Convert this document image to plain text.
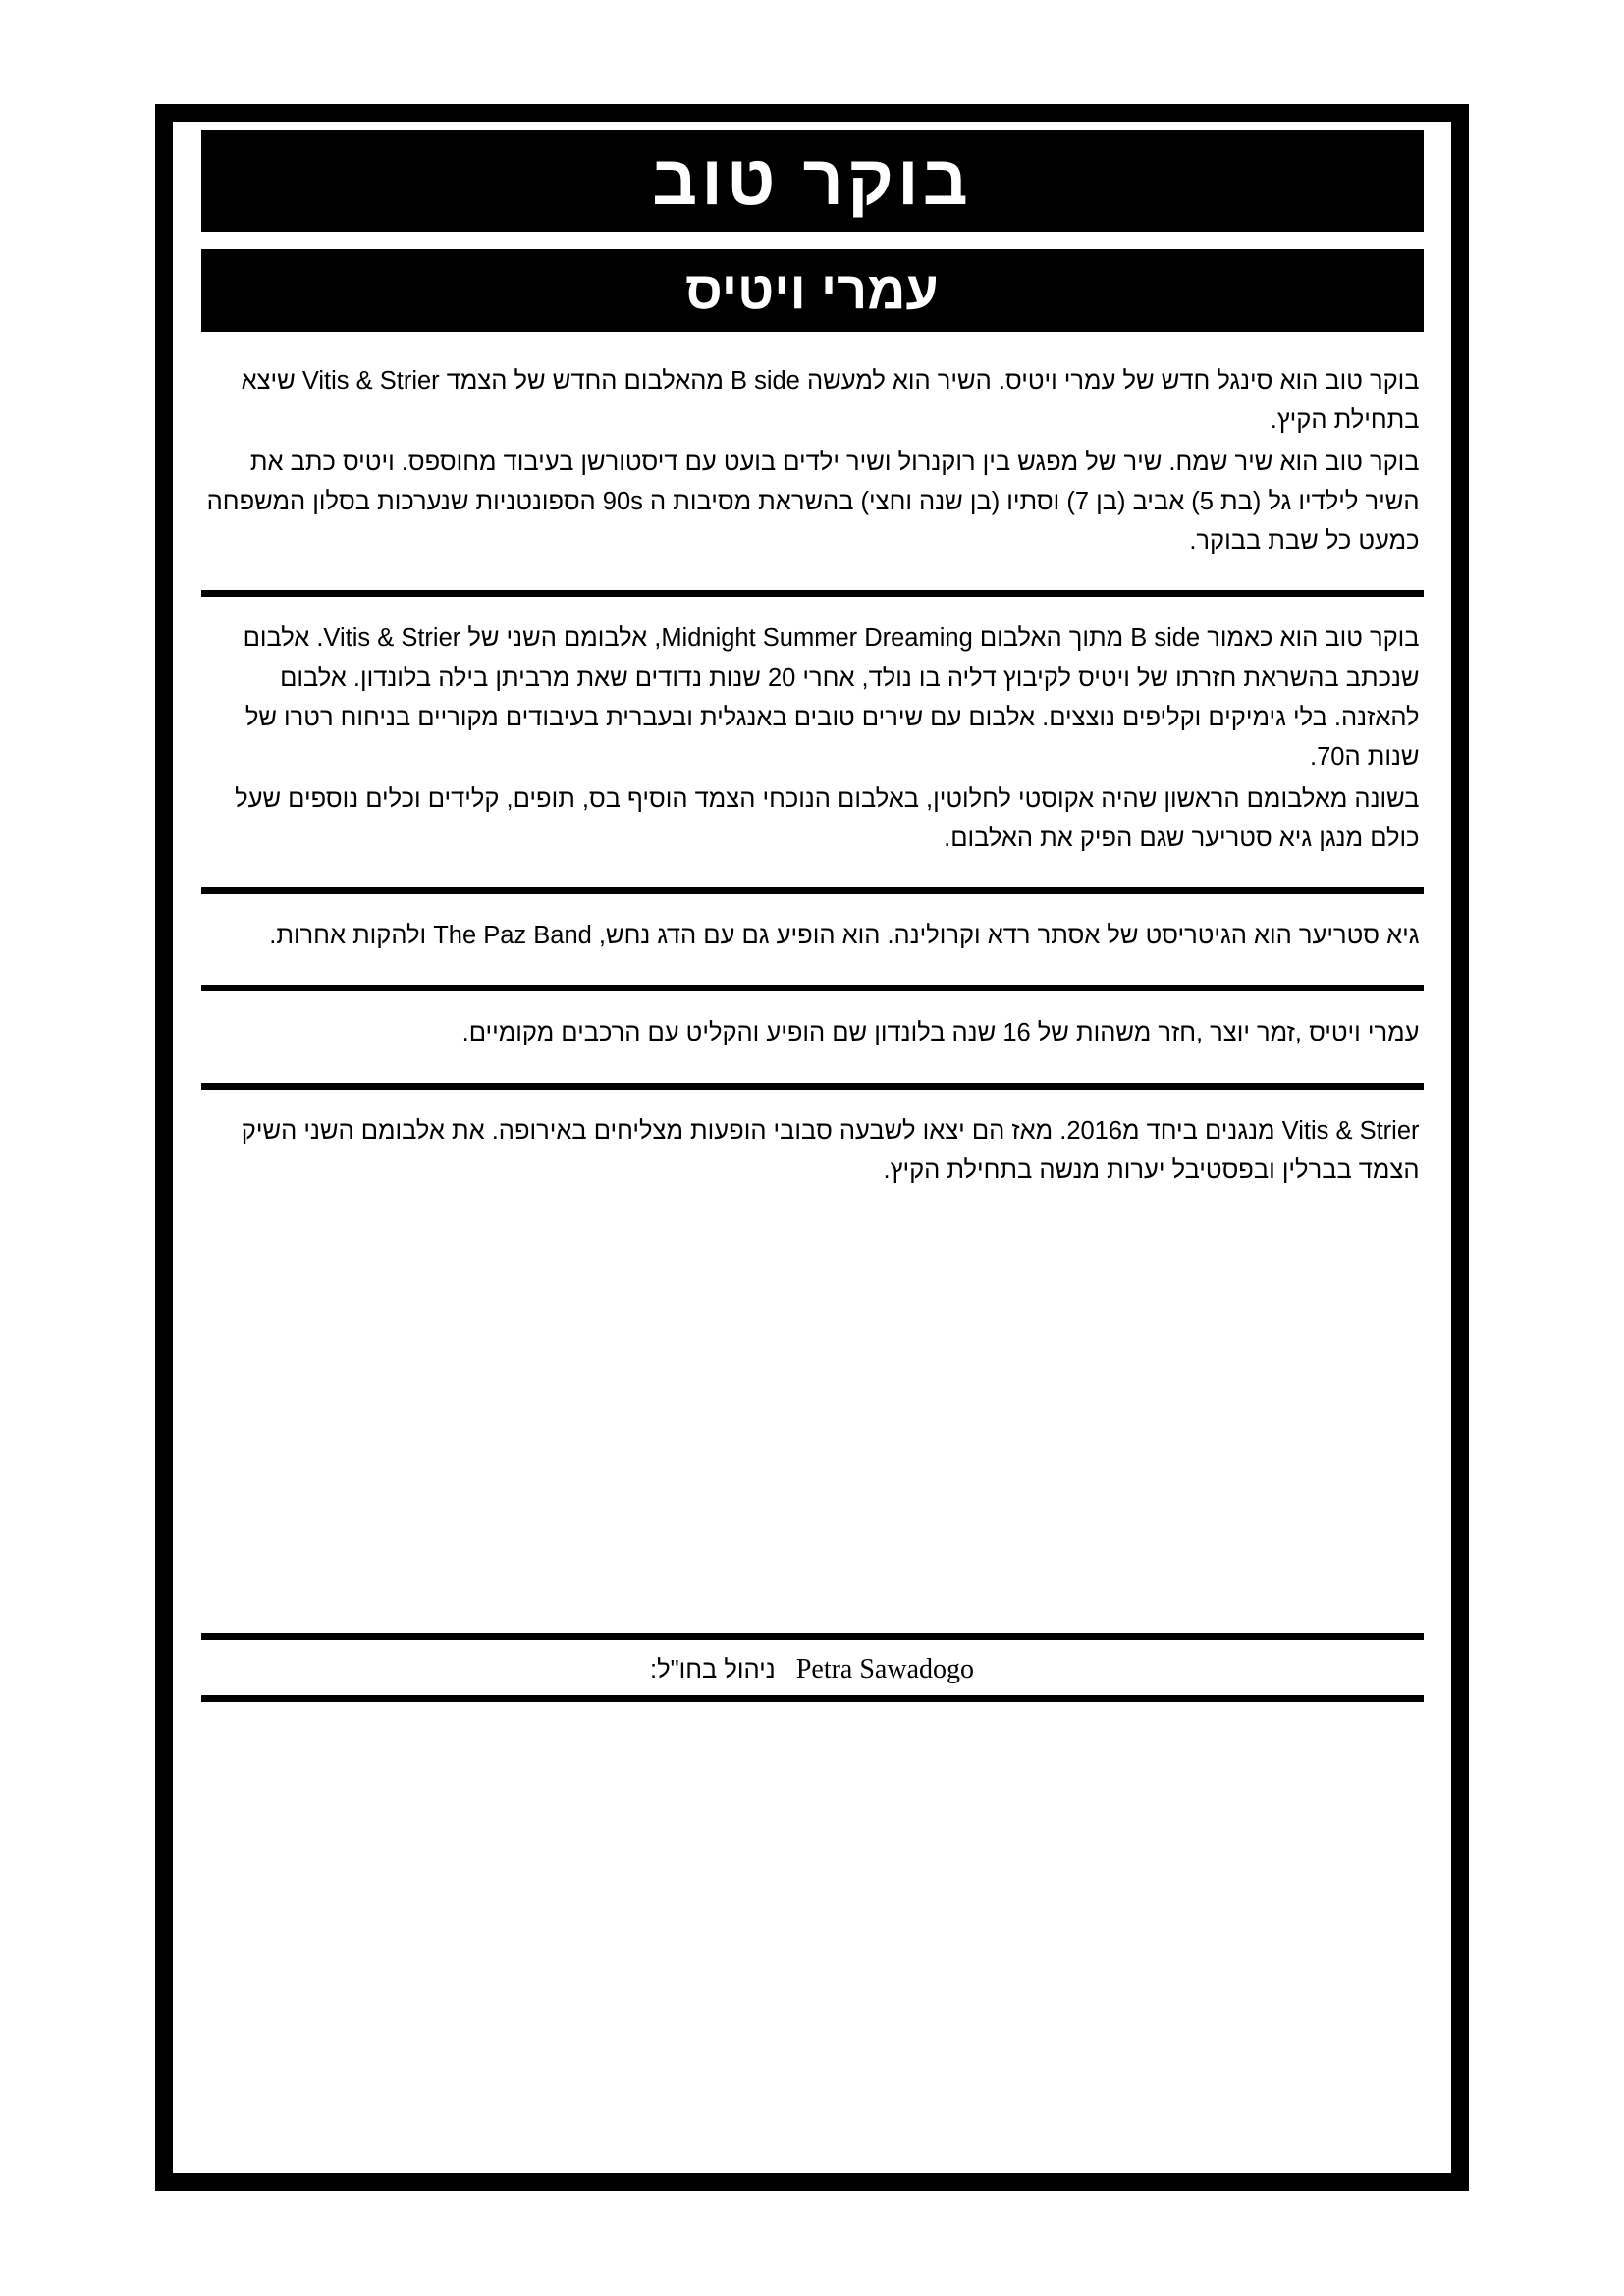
בוקר טוב
עמרי ויטיס

בוקר טוב הוא סינגל חדש של עמרי ויטיס. השיר הוא למעשה B side מהאלבום החדש של הצמד Vitis & Strier שיצא בתחילת הקיץ.

בוקר טוב הוא שיר שמח. שיר של מפגש בין רוקנרול ושיר ילדים בועט עם דיסטורשן בעיבוד מחוספס. ויטיס כתב את השיר לילדיו גל (בת 5) אביב (בן 7) וסתיו (בן שנה וחצי) בהשראת מסיבות ה 90s הספונטניות שנערכות בסלון המשפחה כמעט כל שבת בבוקר.

בוקר טוב הוא כאמור B side מתוך האלבום Midnight Summer Dreaming, אלבומם השני של Vitis & Strier. אלבום שנכתב בהשראת חזרתו של ויטיס לקיבוץ דליה בו נולד, אחרי 20 שנות נדודים שאת מרביתן בילה בלונדון. אלבום להאזנה. בלי גימיקים וקליפים נוצצים. אלבום עם שירים טובים באנגלית ובעברית בעיבודים מקוריים בניחוח רטרו של שנות ה70.

בשונה מאלבומם הראשון שהיה אקוסטי לחלוטין, באלבום הנוכחי הצמד הוסיף בס, תופים, קלידים וכלים נוספים שעל כולם מנגן גיא סטריער שגם הפיק את האלבום.

גיא סטריער הוא הגיטריסט של אסתר רדא וקרולינה. הוא הופיע גם עם הדג נחש, The Paz Band ולהקות אחרות.

עמרי ויטיס ,זמר יוצר ,חזר משהות של 16 שנה בלונדון שם הופיע והקליט עם הרכבים מקומיים.

Vitis & Strier מנגנים ביחד מ2016. מאז הם יצאו לשבעה סבובי הופעות מצליחים באירופה. את אלבומם השני השיק הצמד בברלין ובפסטיבל יערות מנשה בתחילת הקיץ.

Petra Sawadogo ניהול בחו"ל:
